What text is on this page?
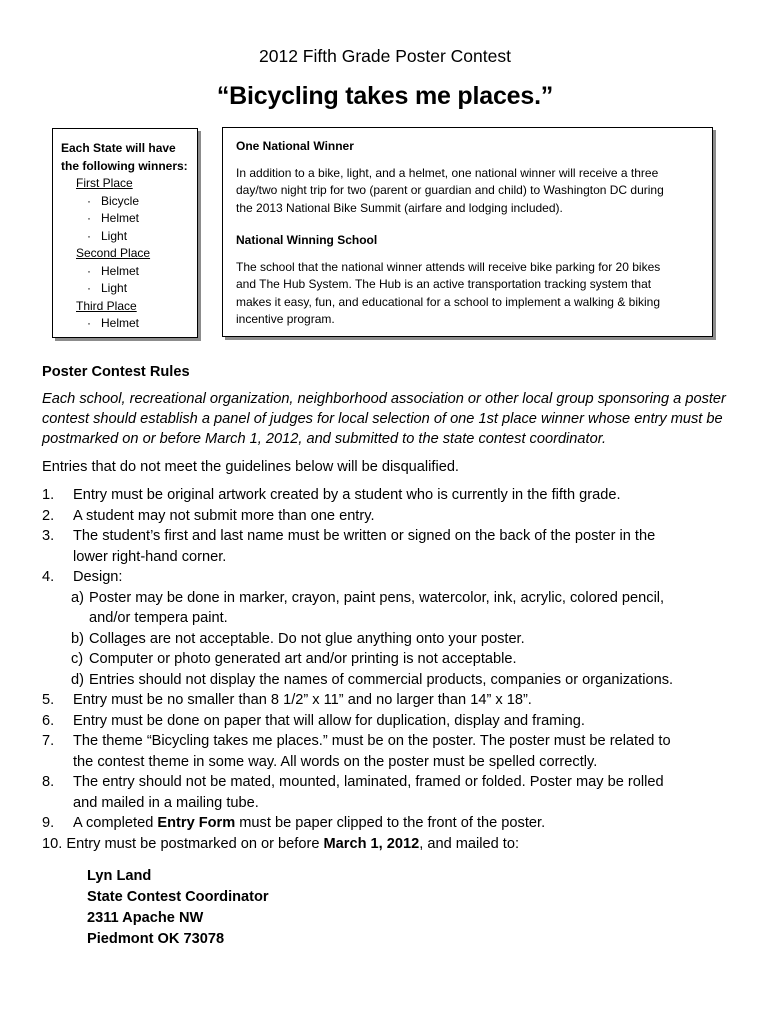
2012 Fifth Grade Poster Contest
“Bicycling takes me places.”
Each State will have
the following winners:
First Place
· Bicycle
· Helmet
· Light
Second Place
· Helmet
· Light
Third Place
· Helmet

One National Winner

In addition to a bike, light, and a helmet, one national winner will receive a three

day/two night trip for two (parent or guardian and child) to Washington DC during

the 2013 National Bike Summit (airfare and lodging included).

National Winning School

The school that the national winner attends will receive bike parking for 20 bikes

and The Hub System. The Hub is an active transportation tracking system that

makes it easy, fun, and educational for a school to implement a walking & biking

incentive program.

Poster Contest Rules
Each school, recreational organization, neighborhood association or other local group sponsoring a poster
contest should establish a panel of judges for local selection of one 1st place winner whose entry must be
postmarked on or before March 1, 2012, and submitted to the state contest coordinator.
Entries that do not meet the guidelines below will be disqualified.
1. Entry must be original artwork created by a student who is currently in the fifth grade.
2. A student may not submit more than one entry.
3. The student’s first and last name must be written or signed on the back of the poster in the
lower right-hand corner.
4. Design:
a) Poster may be done in marker, crayon, paint pens, watercolor, ink, acrylic, colored pencil,
and/or tempera paint.
b) Collages are not acceptable. Do not glue anything onto your poster.
c) Computer or photo generated art and/or printing is not acceptable.
d) Entries should not display the names of commercial products, companies or organizations.
5. Entry must be no smaller than 8 1/2” x 11” and no larger than 14” x 18”.
6. Entry must be done on paper that will allow for duplication, display and framing.
7. The theme “Bicycling takes me places.” must be on the poster. The poster must be related to
the contest theme in some way. All words on the poster must be spelled correctly.
8. The entry should not be mated, mounted, laminated, framed or folded. Poster may be rolled
and mailed in a mailing tube.
9. A completed Entry Form must be paper clipped to the front of the poster.
10. Entry must be postmarked on or before March 1, 2012, and mailed to:
Lyn Land
State Contest Coordinator
2311 Apache NW
Piedmont OK 73078
